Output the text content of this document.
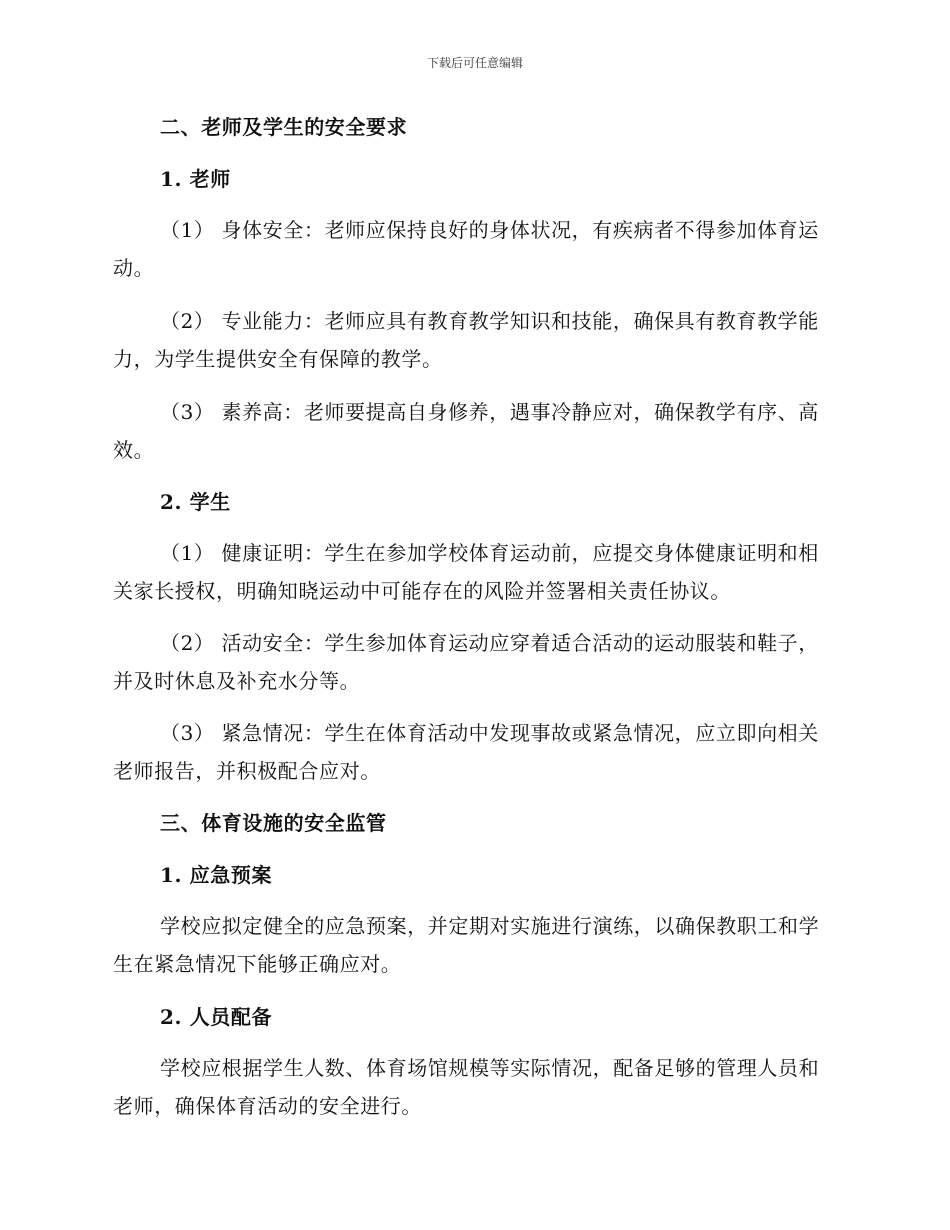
下载后可任意编辑
二、老师及学生的安全要求
1. 老师
（1） 身体安全：老师应保持良好的身体状况，有疾病者不得参加体育运动。
（2） 专业能力：老师应具有教育教学知识和技能，确保具有教育教学能力，为学生提供安全有保障的教学。
（3） 素养高：老师要提高自身修养，遇事冷静应对，确保教学有序、高效。
2. 学生
（1） 健康证明：学生在参加学校体育运动前，应提交身体健康证明和相关家长授权，明确知晓运动中可能存在的风险并签署相关责任协议。
（2） 活动安全：学生参加体育运动应穿着适合活动的运动服装和鞋子，并及时休息及补充水分等。
（3） 紧急情况：学生在体育活动中发现事故或紧急情况，应立即向相关老师报告，并积极配合应对。
三、体育设施的安全监管
1. 应急预案
学校应拟定健全的应急预案，并定期对实施进行演练，以确保教职工和学生在紧急情况下能够正确应对。
2. 人员配备
学校应根据学生人数、体育场馆规模等实际情况，配备足够的管理人员和老师，确保体育活动的安全进行。
